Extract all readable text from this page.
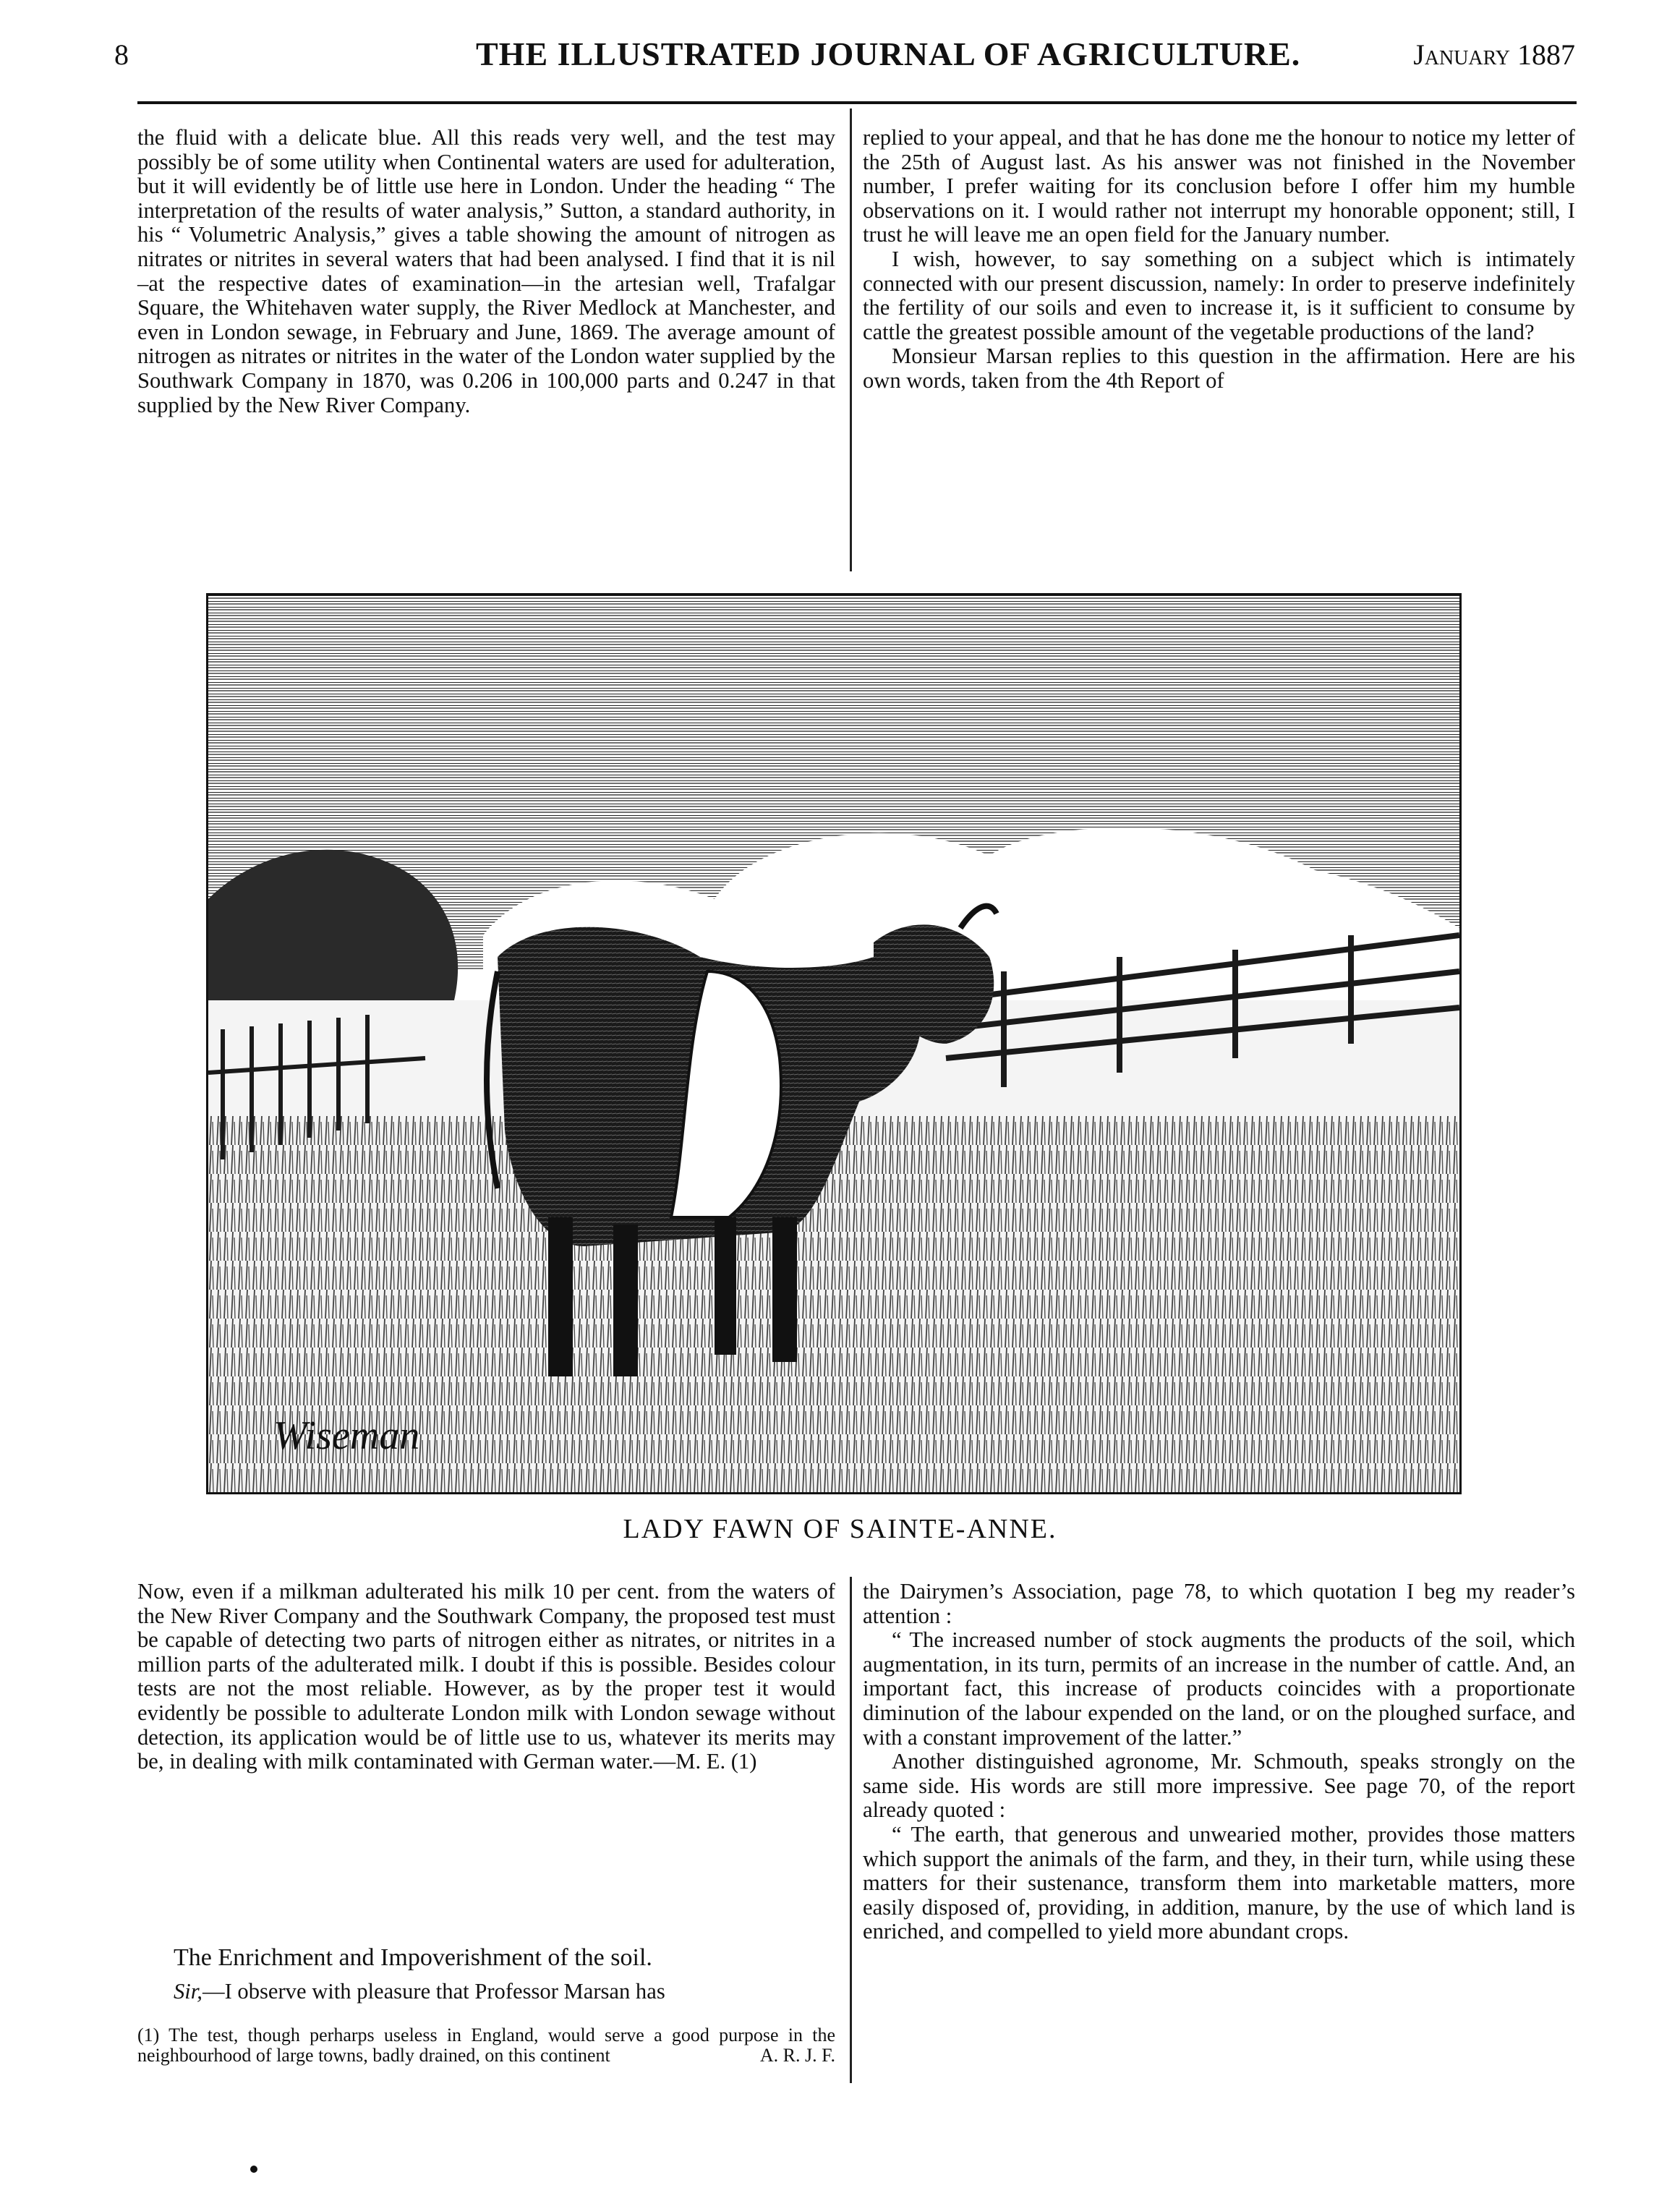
8	THE ILLUSTRATED JOURNAL OF AGRICULTURE.	January 1887

the fluid with a delicate blue. All this reads very well, and the test may possibly be of some utility when Continental waters are used for adulteration, but it will evidently be of little use here in London. Under the heading “ The interpretation of the results of water analysis,” Sutton, a standard authority, in his “ Volumetric Analysis,” gives a table showing the amount of nitrogen as nitrates or nitrites in several waters that had been analysed. I find that it is nil –at the respective dates of examination—in the artesian well, Trafalgar Square, the Whitehaven water supply, the River Medlock at Manchester, and even in London sewage, in February and June, 1869. The average amount of nitrogen as nitrates or nitrites in the water of the London water supplied by the Southwark Company in 1870, was 0.206 in 100,000 parts and 0.247 in that supplied by the New River Company.

replied to your appeal, and that he has done me the honour to notice my letter of the 25th of August last. As his answer was not finished in the November number, I prefer waiting for its conclusion before I offer him my humble observations on it. I would rather not interrupt my honorable opponent; still, I trust he will leave me an open field for the January number.

I wish, however, to say something on a subject which is intimately connected with our present discussion, namely: In order to preserve indefinitely the fertility of our soils and even to increase it, is it sufficient to consume by cattle the greatest possible amount of the vegetable productions of the land?

Monsieur Marsan replies to this question in the affirmation. Here are his own words, taken from the 4th Report of

Wiseman
LADY FAWN OF SAINTE-ANNE.

Now, even if a milkman adulterated his milk 10 per cent. from the waters of the New River Company and the Southwark Company, the proposed test must be capable of detecting two parts of nitrogen either as nitrates, or nitrites in a million parts of the adulterated milk. I doubt if this is possible. Besides colour tests are not the most reliable. However, as by the proper test it would evidently be possible to adulterate London milk with London sewage without detection, its application would be of little use to us, whatever its merits may be, in dealing with milk contaminated with German water.—M. E. (1)

The Enrichment and Impoverishment of the soil.
Sir,—I observe with pleasure that Professor Marsan has
(1) The test, though perharps useless in England, would serve a good purpose in the neighbourhood of large towns, badly drained, on this continent	A. R. J. F.

the Dairymen’s Association, page 78, to which quotation I beg my reader’s attention :

“ The increased number of stock augments the products of the soil, which augmentation, in its turn, permits of an increase in the number of cattle. And, an important fact, this increase of products coincides with a proportionate diminution of the labour expended on the land, or on the ploughed surface, and with a constant improvement of the latter.”

Another distinguished agronome, Mr. Schmouth, speaks strongly on the same side. His words are still more impressive. See page 70, of the report already quoted :

“ The earth, that generous and unwearied mother, provides those matters which support the animals of the farm, and they, in their turn, while using these matters for their sustenance, transform them into marketable matters, more easily disposed of, providing, in addition, manure, by the use of which land is enriched, and compelled to yield more abundant crops.
